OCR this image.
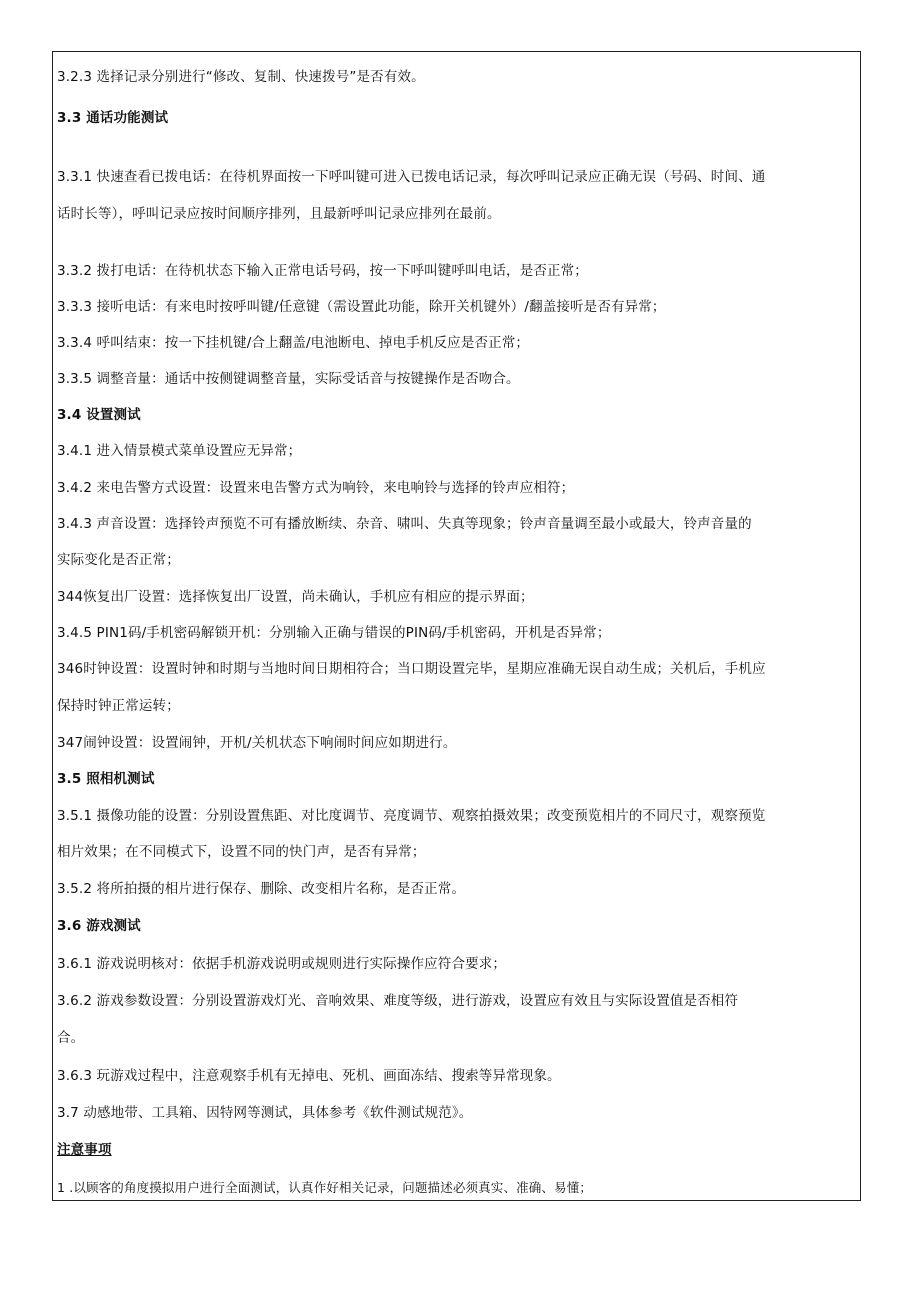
3.2.3 选择记录分别进行“修改、复制、快速拨号”是否有效。
3.3 通话功能测试
3.3.1 快速查看已拨电话：在待机界面按一下呼叫键可进入已拨电话记录，每次呼叫记录应正确无误（号码、时间、通
话时长等），呼叫记录应按时间顺序排列，且最新呼叫记录应排列在最前。
3.3.2 拨打电话：在待机状态下输入正常电话号码，按一下呼叫键呼叫电话，是否正常；
3.3.3 接听电话：有来电时按呼叫键/任意键（需设置此功能，除开关机键外）/翻盖接听是否有异常；
3.3.4 呼叫结束：按一下挂机键/合上翻盖/电池断电、掉电手机反应是否正常；
3.3.5 调整音量：通话中按侧键调整音量，实际受话音与按键操作是否吻合。
3.4 设置测试
3.4.1 进入情景模式菜单设置应无异常；
3.4.2 来电告警方式设置：设置来电告警方式为响铃，来电响铃与选择的铃声应相符；
3.4.3 声音设置：选择铃声预览不可有播放断续、杂音、啸叫、失真等现象；铃声音量调至最小或最大，铃声音量的
实际变化是否正常；
344恢复出厂设置：选择恢复出厂设置，尚未确认，手机应有相应的提示界面；
3.4.5 PIN1码/手机密码解锁开机：分别输入正确与错误的PIN码/手机密码，开机是否异常；
346时钟设置：设置时钟和时期与当地时间日期相符合；当口期设置完毕，星期应准确无误自动生成；关机后，手机应
保持时钟正常运转；
347闹钟设置：设置闹钟，开机/关机状态下响闹时间应如期进行。
3.5 照相机测试
3.5.1 摄像功能的设置：分别设置焦距、对比度调节、亮度调节、观察拍摄效果；改变预览相片的不同尺寸，观察预览
相片效果；在不同模式下，设置不同的快门声，是否有异常；
3.5.2 将所拍摄的相片进行保存、删除、改变相片名称，是否正常。
3.6 游戏测试
3.6.1 游戏说明核对：依据手机游戏说明或规则进行实际操作应符合要求；
3.6.2 游戏参数设置：分别设置游戏灯光、音响效果、难度等级，进行游戏，设置应有效且与实际设置值是否相符
合。
3.6.3 玩游戏过程中，注意观察手机有无掉电、死机、画面冻结、搜索等异常现象。
3.7 动感地带、工具箱、因特网等测试，具体参考《软件测试规范》。
注意事项
1 .以顾客的角度摸拟用户进行全面测试，认真作好相关记录，问题描述必须真实、准确、易懂；
